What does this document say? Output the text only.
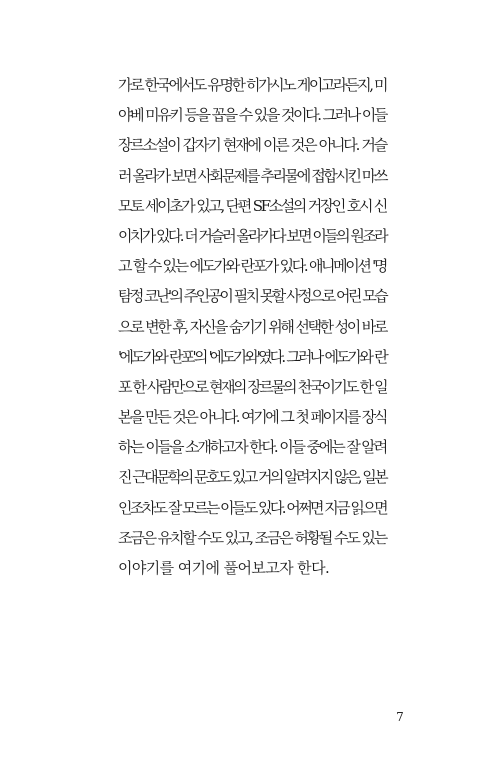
가로 한국에서도 유명한 히가시노 게이고라든지, 미
야베 미유키 등을 꼽을 수 있을 것이다. 그러나 이들
장르소설이 갑자기 현재에 이른 것은 아니다. 거슬
러 올라가 보면 사회문제를 추리물에 접합시킨 마쓰
모토 세이초가 있고, 단편 SF소설의 거장인 호시 신
이치가 있다. 더 거슬러 올라가다 보면 이들의 원조라
고 할 수 있는 에도가와 란포가 있다. 애니메이션 '명
탐정 코난'의 주인공이 필치 못할 사정으로 어린 모습
으로 변한 후, 자신을 숨기기 위해 선택한 성이 바로
'에도가와 란포'의 '에도가와'였다. 그러나 에도가와 란
포 한 사람만으로 현재의 장르물의 천국이기도 한 일
본을 만든 것은 아니다. 여기에 그 첫 페이지를 장식
하는 이들을 소개하고자 한다. 이들 중에는 잘 알려
진 근대문학의 문호도 있고 거의 알려지지 않은, 일본
인조차도 잘 모르는 이들도 있다. 어쩌면 지금 읽으면
조금은 유치할 수도 있고, 조금은 허황될 수도 있는
이야기를 여기에 풀어보고자 한다.
7
